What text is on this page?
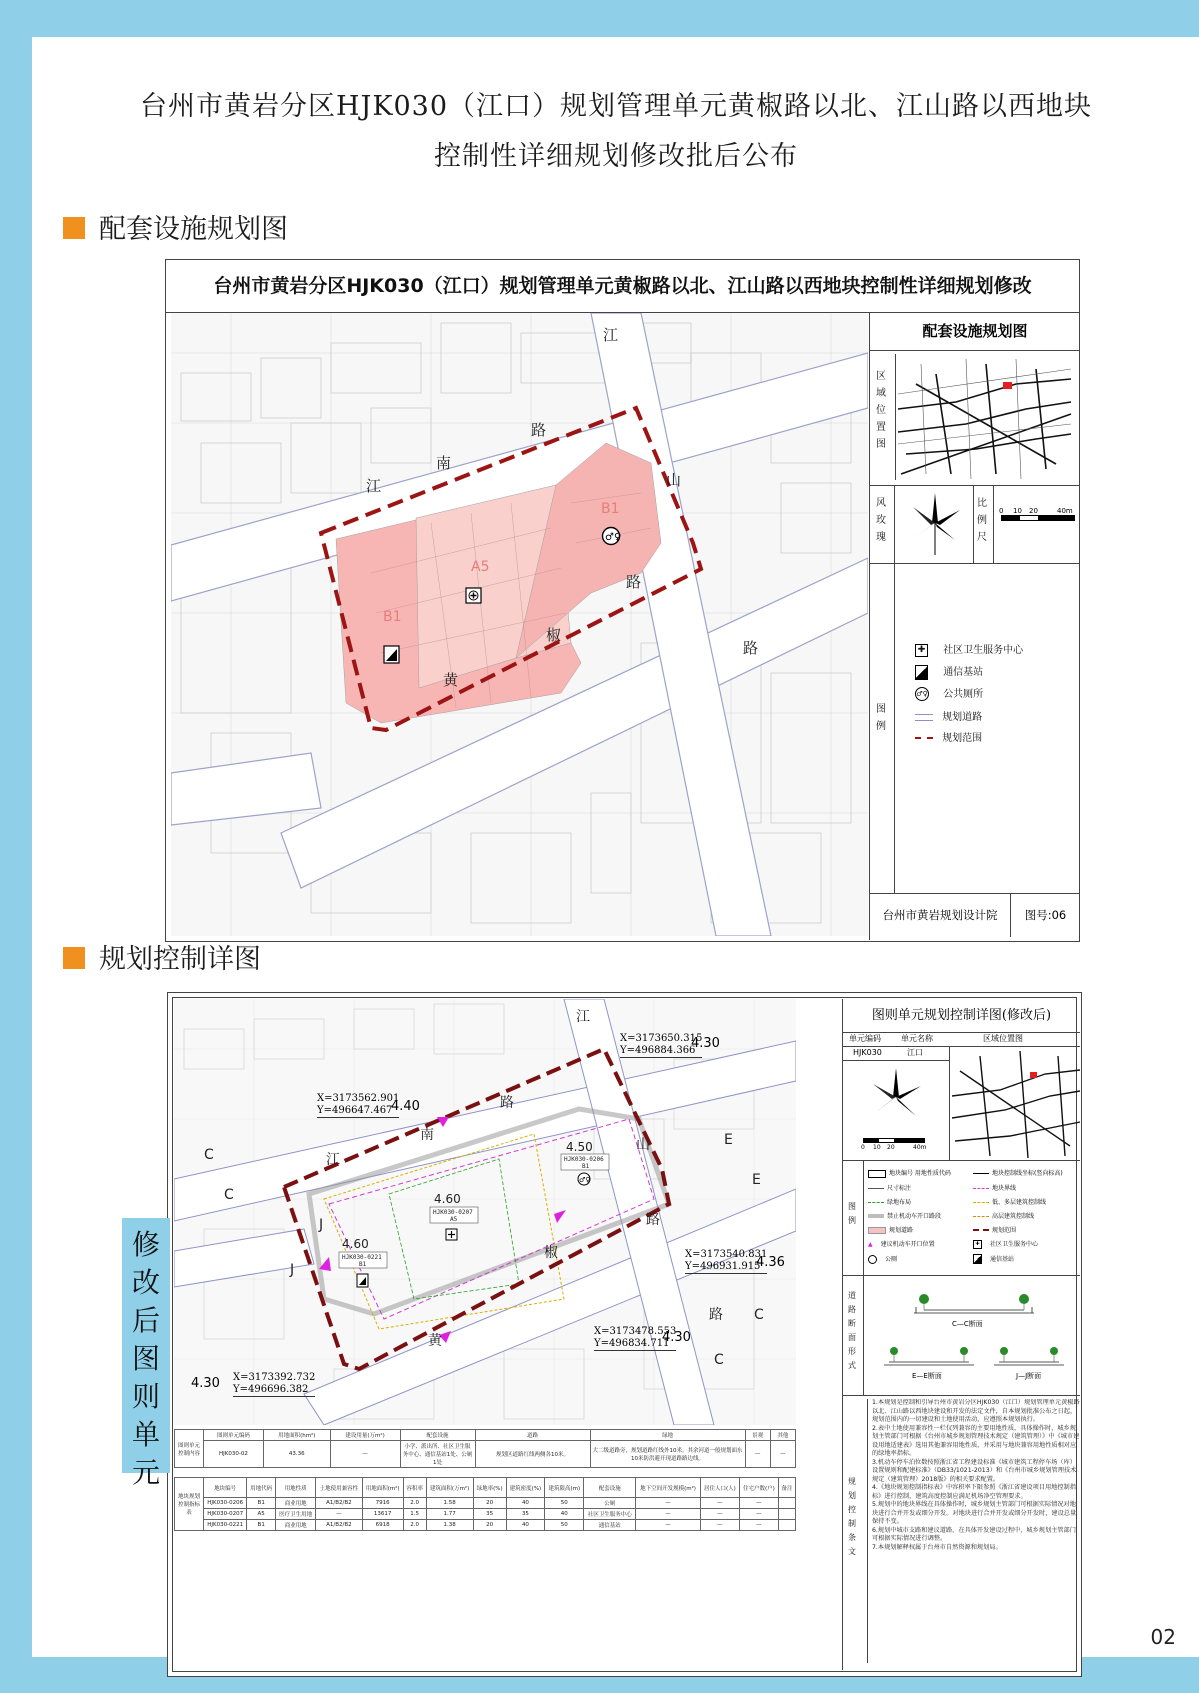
台州市黄岩分区HJK030（江口）规划管理单元黄椒路以北、江山路以西地块
控制性详细规划修改批后公布
配套设施规划图
台州市黄岩分区HJK030（江口）规划管理单元黄椒路以北、江山路以西地块控制性详细规划修改
江
江
南
路
山
路
路
椒
黄
B1
A5
B1
♂♀
配套设施规划图
区域位置图
风玫瑰
比例尺
0 10 20	40m
图例
✚ 社区卫生服务中心
通信基站
♂♀ 公共厕所
规划道路
规划范围
台州市黄岩规划设计院	图号:06
规划控制详图
江
江
南
路
山
路
路
椒
黄
C
C
C
C
E
E
J
J
4.50
HJK030-0206
B1
4.60
HJK030-0207
A5
4.60
HJK030-0221
B1
♂♀
X=3173562.901
Y=496647.467
4.40
X=3173650.315
Y=496884.366
4.30
X=3173540.831
Y=496931.915
4.36
X=3173478.553
Y=496834.711
4.30
X=3173392.732
Y=496696.382
4.30
图则单元控制内容	图则单元编码	用地面积(hm²)	建设用量(万m²)	配套设施	道路	绿地	景观	其他
	HJK030-02	43.36	—	小学、派出所、社区卫生服务中心、通信基站1处、公厕1处	规划区道路红线两侧各10米。	大二级道路旁，规划道路红线外10米。其余河道一般规划面东10米防洪避开现道路路边线。	—	—
地块规划控制指标表	地块编号	用地代码	用地性质	土地使用兼容性	用地面积(m²)	容积率	建筑面积(万m²)	绿地率(%)	建筑密度(%)	建筑限高(m)	配套设施	地下空间开发规模(m²)	居住人口(人)	住宅户数(户)	备注
	HJK030-0206	B1	商业用地	A1/B2/B2	7916	2.0	1.58	20	40	50	公厕	—	—	—	
	HJK030-0207	A5	医疗卫生用地	—	13617	1.5	1.77	35	35	40	社区卫生服务中心	—	—	—	
	HJK030-0221	B1	商业用地	A1/B2/B2	6918	2.0	1.38	20	40	50	通信基站	—	—	—	
图则单元规划控制详图(修改后)
单元编码	单元名称	区域位置图
HJK030	江口
0 10 20	40m
图例
地块编号 用地性质代码	地块控制线坐标(竖向标高)
尺寸标注	地块界线
绿地布局	低、多层建筑控制线
禁止机动车开口路段	高层建筑控制线
规划道路	规划范围
▲ 建议机动车开口位置	✚ 社区卫生服务中心
公厕	通信基站
道路断面形式
C—C断面
E—E断面	J—J断面
规划控制条文
1.本规划是控制和引导台州市黄岩分区HJK030（江口）规划管理单元黄椒路以北、江山路以西地块建设和开发的法定文件，自本规划批准公布之日起，规划范围内的一切建设和土地使用活动，应遵照本规划执行。
2.表中土地使用兼容性一栏仅列兼容的主要用地性质，具体操作时，城乡规划主管部门可根据《台州市城乡规划管理技术规定（建筑管理）》中《城市建设用地适建表》选用其他兼容用地性质，并采用与地块兼容用地性质相对应的绿地率指标。
3.机动车停车泊位数按照浙江省工程建设标准《城市建筑工程停车场（库）设置规则和配建标准》（DB33/1021-2013）和《台州市城乡规划管理技术规定（建筑管理）2018版》的相关要求配置。
4.《地块规划控制指标表》中容积率下限参照《浙江省建设项目用地控制指标》进行控制，建筑高度控制应满足机场净空管理要求。
5.规划中的地块界线在具体操作时，城乡规划主管部门可根据实际情况对地块进行合并开发或细分开发。对地块进行合并开发或细分开发时，建设总量保持不变。
6.规划中城市支路和建议道路，在具体开发建设过程中，城乡规划主管部门可根据实际情况进行调整。
7.本规划解释权属于台州市自然资源和规划局。
修改后图则单元
02
